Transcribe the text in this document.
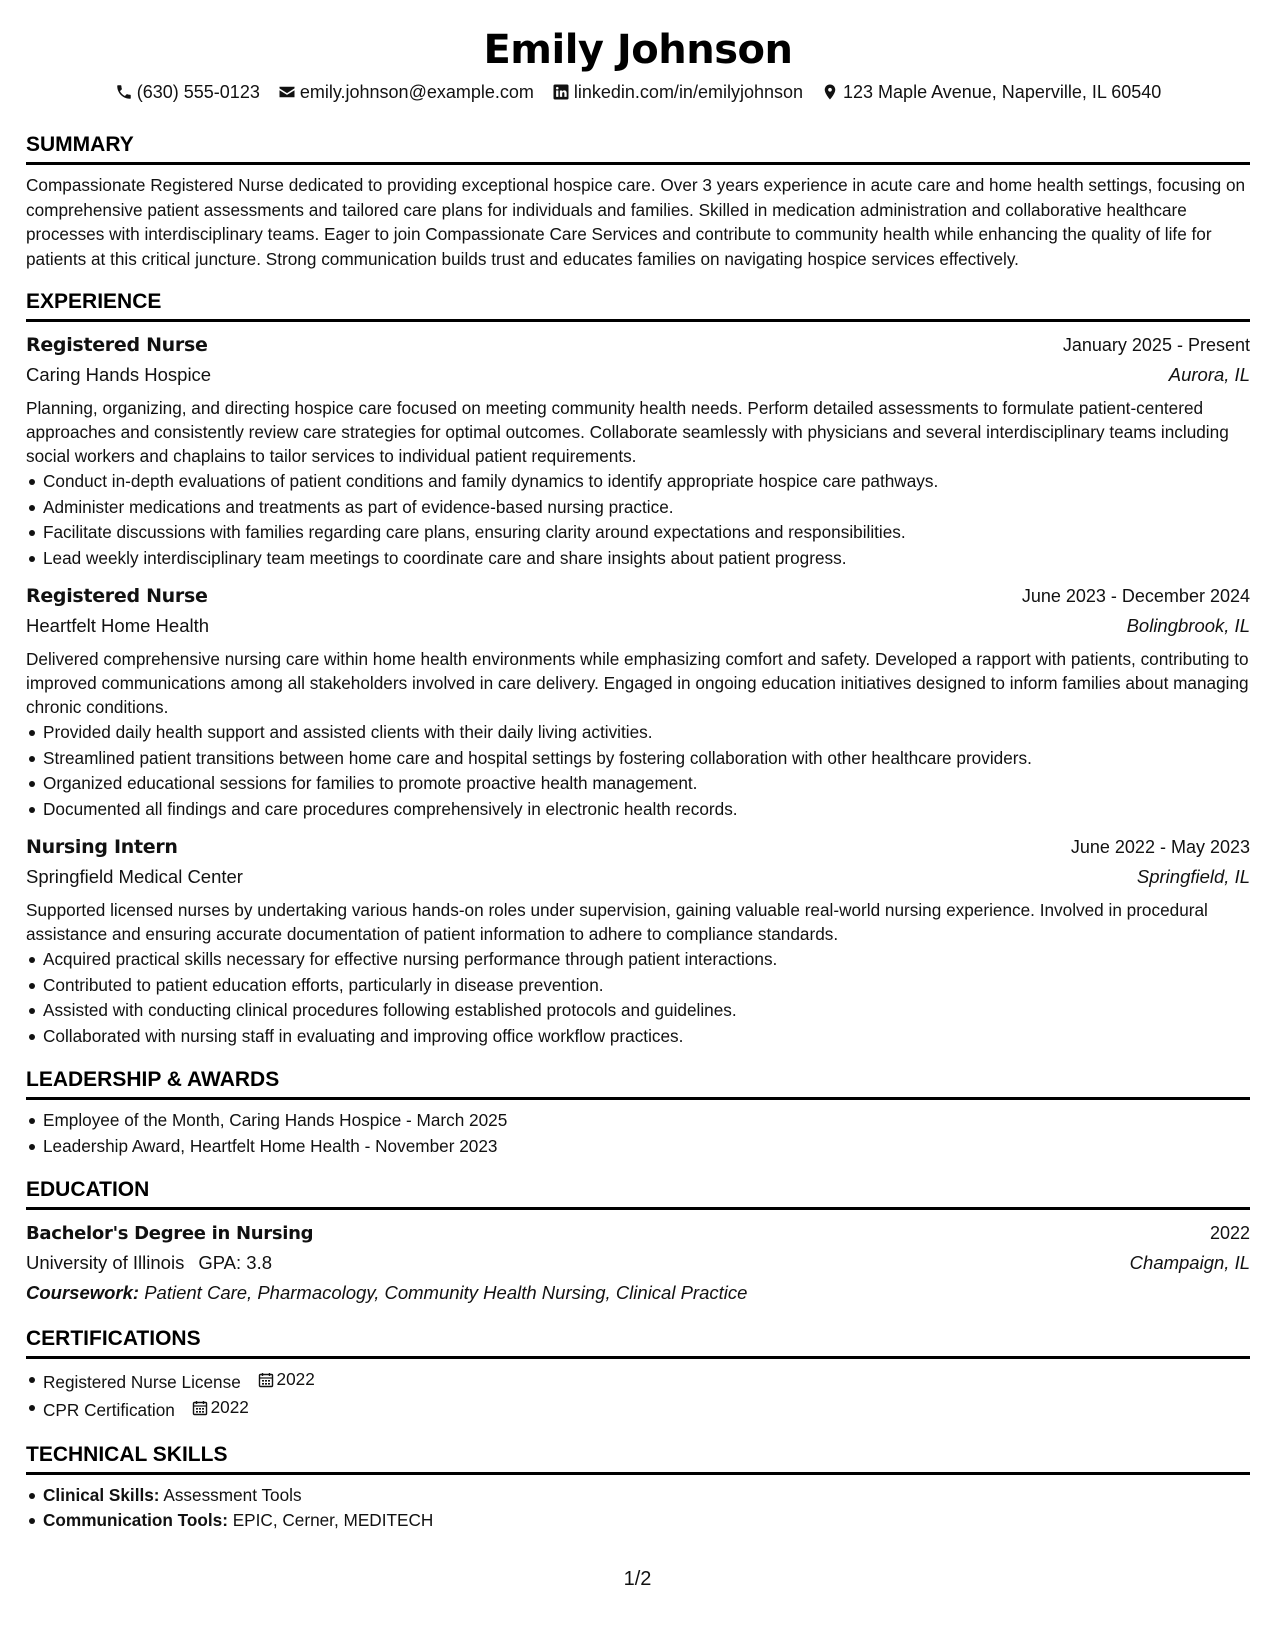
Emily Johnson
(630) 555-0123 emily.johnson@example.com linkedin.com/in/emilyjohnson 123 Maple Avenue, Naperville, IL 60540
SUMMARY

Compassionate Registered Nurse dedicated to providing exceptional hospice care. Over 3 years experience in acute care and home health settings, focusing on comprehensive patient assessments and tailored care plans for individuals and families. Skilled in medication administration and collaborative healthcare processes with interdisciplinary teams. Eager to join Compassionate Care Services and contribute to community health while enhancing the quality of life for patients at this critical juncture. Strong communication builds trust and educates families on navigating hospice services effectively.

EXPERIENCE
Registered Nurse	January 2025 - Present
Caring Hands Hospice	Aurora, IL

Planning, organizing, and directing hospice care focused on meeting community health needs. Perform detailed assessments to formulate patient-centered approaches and consistently review care strategies for optimal outcomes. Collaborate seamlessly with physicians and several interdisciplinary teams including social workers and chaplains to tailor services to individual patient requirements.

Conduct in-depth evaluations of patient conditions and family dynamics to identify appropriate hospice care pathways.
Administer medications and treatments as part of evidence-based nursing practice.
Facilitate discussions with families regarding care plans, ensuring clarity around expectations and responsibilities.
Lead weekly interdisciplinary team meetings to coordinate care and share insights about patient progress.
Registered Nurse	June 2023 - December 2024
Heartfelt Home Health	Bolingbrook, IL

Delivered comprehensive nursing care within home health environments while emphasizing comfort and safety. Developed a rapport with patients, contributing to improved communications among all stakeholders involved in care delivery. Engaged in ongoing education initiatives designed to inform families about managing chronic conditions.

Provided daily health support and assisted clients with their daily living activities.
Streamlined patient transitions between home care and hospital settings by fostering collaboration with other healthcare providers.
Organized educational sessions for families to promote proactive health management.
Documented all findings and care procedures comprehensively in electronic health records.
Nursing Intern	June 2022 - May 2023
Springfield Medical Center	Springfield, IL

Supported licensed nurses by undertaking various hands-on roles under supervision, gaining valuable real-world nursing experience. Involved in procedural assistance and ensuring accurate documentation of patient information to adhere to compliance standards.

Acquired practical skills necessary for effective nursing performance through patient interactions.
Contributed to patient education efforts, particularly in disease prevention.
Assisted with conducting clinical procedures following established protocols and guidelines.
Collaborated with nursing staff in evaluating and improving office workflow practices.
LEADERSHIP & AWARDS
Employee of the Month, Caring Hands Hospice - March 2025
Leadership Award, Heartfelt Home Health - November 2023
EDUCATION
Bachelor's Degree in Nursing	2022
University of Illinois GPA: 3.8	Champaign, IL
Coursework: Patient Care, Pharmacology, Community Health Nursing, Clinical Practice
CERTIFICATIONS
Registered Nurse License 2022
CPR Certification 2022
TECHNICAL SKILLS
Clinical Skills: Assessment Tools
Communication Tools: EPIC, Cerner, MEDITECH
1/2
